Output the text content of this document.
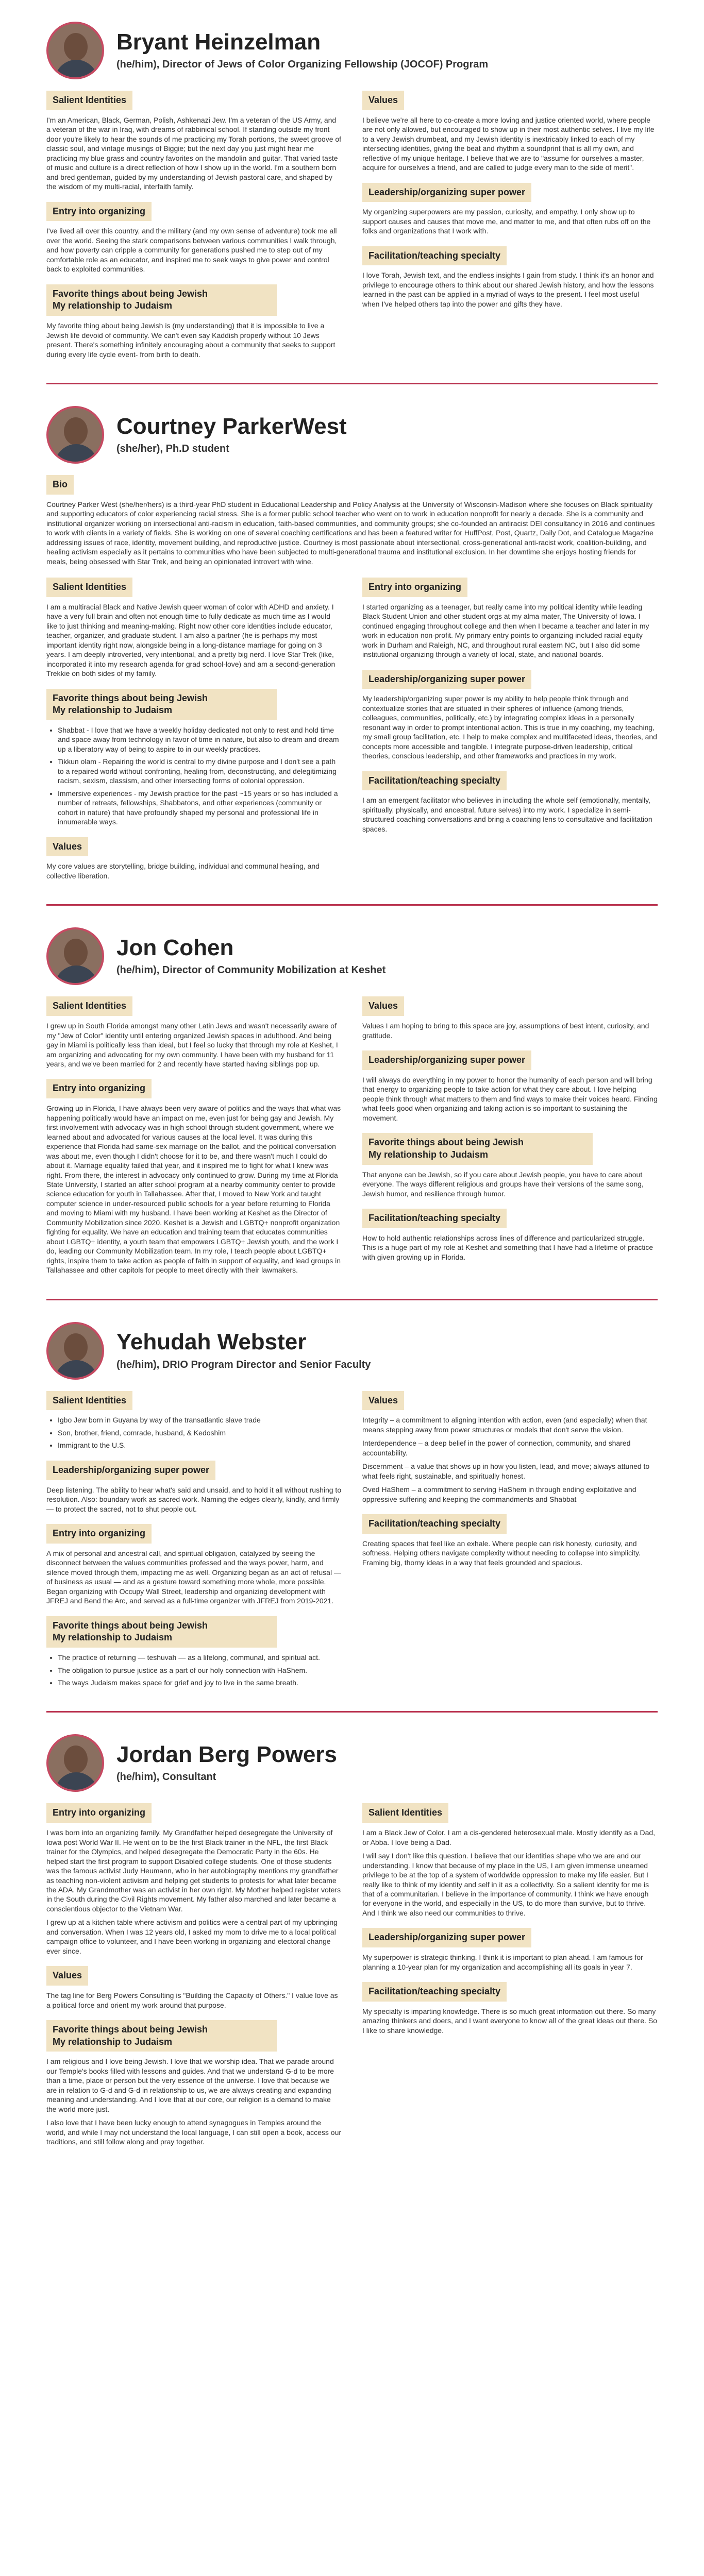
Bryant Heinzelman
(he/him), Director of Jews of Color Organizing Fellowship (JOCOF) Program
Salient Identities

I'm an American, Black, German, Polish, Ashkenazi Jew. I'm a veteran of the US Army, and a veteran of the war in Iraq, with dreams of rabbinical school. If standing outside my front door you're likely to hear the sounds of me practicing my Torah portions, the sweet groove of classic soul, and vintage musings of Biggie; but the next day you just might hear me practicing my blue grass and country favorites on the mandolin and guitar. That varied taste of music and culture is a direct reflection of how I show up in the world. I'm a southern born and bred gentleman, guided by my understanding of Jewish pastoral care, and shaped by the wisdom of my multi-racial, interfaith family.

Entry into organizing

I've lived all over this country, and the military (and my own sense of adventure) took me all over the world. Seeing the stark comparisons between various communities I walk through, and how poverty can cripple a community for generations pushed me to step out of my comfortable role as an educator, and inspired me to seek ways to give power and control back to exploited communities.

Favorite things about being Jewish
My relationship to Judaism

My favorite thing about being Jewish is (my understanding) that it is impossible to live a Jewish life devoid of community. We can't even say Kaddish properly without 10 Jews present. There's something infinitely encouraging about a community that seeks to support during every life cycle event- from birth to death.

Values

I believe we're all here to co-create a more loving and justice oriented world, where people are not only allowed, but encouraged to show up in their most authentic selves. I live my life to a very Jewish drumbeat, and my Jewish identity is inextricably linked to each of my intersecting identities, giving the beat and rhythm a soundprint that is all my own, and reflective of my unique heritage. I believe that we are to "assume for ourselves a master, acquire for ourselves a friend, and are called to judge every man to the side of merit".

Leadership/organizing super power

My organizing superpowers are my passion, curiosity, and empathy. I only show up to support causes and causes that move me, and matter to me, and that often rubs off on the folks and organizations that I work with.

Facilitation/teaching specialty

I love Torah, Jewish text, and the endless insights I gain from study. I think it's an honor and privilege to encourage others to think about our shared Jewish history, and how the lessons learned in the past can be applied in a myriad of ways to the present. I feel most useful when I've helped others tap into the power and gifts they have.

Courtney ParkerWest
(she/her), Ph.D student
Bio

Courtney Parker West (she/her/hers) is a third-year PhD student in Educational Leadership and Policy Analysis at the University of Wisconsin-Madison where she focuses on Black spirituality and supporting educators of color experiencing racial stress. She is a former public school teacher who went on to work in education nonprofit for nearly a decade. She is a community and institutional organizer working on intersectional anti-racism in education, faith-based communities, and community groups; she co-founded an antiracist DEI consultancy in 2016 and continues to work with clients in a variety of fields. She is working on one of several coaching certifications and has been a featured writer for HuffPost, Post, Quartz, Daily Dot, and Catalogue Magazine addressing issues of race, identity, movement building, and reproductive justice. Courtney is most passionate about intersectional, cross-generational anti-racist work, coalition-building, and healing activism especially as it pertains to communities who have been subjected to multi-generational trauma and institutional exclusion. In her downtime she enjoys hosting friends for meals, being obsessed with Star Trek, and being an opinionated introvert with wine.

Salient Identities

I am a multiracial Black and Native Jewish queer woman of color with ADHD and anxiety. I have a very full brain and often not enough time to fully dedicate as much time as I would like to just thinking and meaning-making. Right now other core identities include educator, teacher, organizer, and graduate student. I am also a partner (he is perhaps my most important identity right now, alongside being in a long-distance marriage for going on 3 years. I am deeply introverted, very intentional, and a pretty big nerd. I love Star Trek (like, incorporated it into my research agenda for grad school-love) and am a second-generation Trekkie on both sides of my family.

Favorite things about being Jewish
My relationship to Judaism
• Shabbat - I love that we have a weekly holiday dedicated not only to rest and hold time and space away from technology in favor of time in nature, but also to dream and dream up a liberatory way of being to aspire to in our weekly practices.
• Tikkun olam - Repairing the world is central to my divine purpose and I don't see a path to a repaired world without confronting, healing from, deconstructing, and delegitimizing racism, sexism, classism, and other intersecting forms of colonial oppression.
• Immersive experiences - my Jewish practice for the past ~15 years or so has included a number of retreats, fellowships, Shabbatons, and other experiences (community or cohort in nature) that have profoundly shaped my personal and professional life in innumerable ways.
Values

My core values are storytelling, bridge building, individual and communal healing, and collective liberation.

Entry into organizing

I started organizing as a teenager, but really came into my political identity while leading Black Student Union and other student orgs at my alma mater, The University of Iowa. I continued engaging throughout college and then when I became a teacher and later in my work in education non-profit. My primary entry points to organizing included racial equity work in Durham and Raleigh, NC, and throughout rural eastern NC, but I also did some institutional organizing through a variety of local, state, and national boards.

Leadership/organizing super power

My leadership/organizing super power is my ability to help people think through and contextualize stories that are situated in their spheres of influence (among friends, colleagues, communities, politically, etc.) by integrating complex ideas in a personally resonant way in order to prompt intentional action. This is true in my coaching, my teaching, my small group facilitation, etc. I help to make complex and multifaceted ideas, theories, and concepts more accessible and tangible. I integrate purpose-driven leadership, critical theories, conscious leadership, and other frameworks and practices in my work.

Facilitation/teaching specialty

I am an emergent facilitator who believes in including the whole self (emotionally, mentally, spiritually, physically, and ancestral, future selves) into my work. I specialize in semi-structured coaching conversations and bring a coaching lens to consultative and facilitation spaces.

Jon Cohen
(he/him), Director of Community Mobilization at Keshet
Salient Identities

I grew up in South Florida amongst many other Latin Jews and wasn't necessarily aware of my "Jew of Color" identity until entering organized Jewish spaces in adulthood. And being gay in Miami is politically less than ideal, but I feel so lucky that through my role at Keshet, I am organizing and advocating for my own community. I have been with my husband for 11 years, and we've been married for 2 and recently have started having siblings pop up.

Entry into organizing

Growing up in Florida, I have always been very aware of politics and the ways that what was happening politically would have an impact on me, even just for being gay and Jewish. My first involvement with advocacy was in high school through student government, where we learned about and advocated for various causes at the local level. It was during this experience that Florida had same-sex marriage on the ballot, and the political conversation was about me, even though I didn't choose for it to be, and there wasn't much I could do about it. Marriage equality failed that year, and it inspired me to fight for what I knew was right. From there, the interest in advocacy only continued to grow. During my time at Florida State University, I started an after school program at a nearby community center to provide science education for youth in Tallahassee. After that, I moved to New York and taught computer science in under-resourced public schools for a year before returning to Florida and moving to Miami with my husband. I have been working at Keshet as the Director of Community Mobilization since 2020. Keshet is a Jewish and LGBTQ+ nonprofit organization fighting for equality. We have an education and training team that educates communities about LGBTQ+ identity, a youth team that empowers LGBTQ+ Jewish youth, and the work I do, leading our Community Mobilization team. In my role, I teach people about LGBTQ+ rights, inspire them to take action as people of faith in support of equality, and lead groups in Tallahassee and other capitols for people to meet directly with their lawmakers.

Values

Values I am hoping to bring to this space are joy, assumptions of best intent, curiosity, and gratitude.

Leadership/organizing super power

I will always do everything in my power to honor the humanity of each person and will bring that energy to organizing people to take action for what they care about. I love helping people think through what matters to them and find ways to make their voices heard. Finding what feels good when organizing and taking action is so important to sustaining the movement.

Favorite things about being Jewish
My relationship to Judaism

That anyone can be Jewish, so if you care about Jewish people, you have to care about everyone. The ways different religious and groups have their versions of the same song, Jewish humor, and resilience through humor.

Facilitation/teaching specialty

How to hold authentic relationships across lines of difference and particularized struggle. This is a huge part of my role at Keshet and something that I have had a lifetime of practice with given growing up in Florida.

Yehudah Webster
(he/him), DRIO Program Director and Senior Faculty
Salient Identities
• Igbo Jew born in Guyana by way of the transatlantic slave trade
• Son, brother, friend, comrade, husband, & Kedoshim
• Immigrant to the U.S.
Leadership/organizing super power

Deep listening. The ability to hear what's said and unsaid, and to hold it all without rushing to resolution. Also: boundary work as sacred work. Naming the edges clearly, kindly, and firmly — to protect the sacred, not to shut people out.

Entry into organizing

A mix of personal and ancestral call, and spiritual obligation, catalyzed by seeing the disconnect between the values communities professed and the ways power, harm, and silence moved through them, impacting me as well. Organizing began as an act of refusal — of business as usual — and as a gesture toward something more whole, more possible. Began organizing with Occupy Wall Street, leadership and organizing development with JFREJ and Bend the Arc, and served as a full-time organizer with JFREJ from 2019-2021.

Favorite things about being Jewish
My relationship to Judaism
• The practice of returning — teshuvah — as a lifelong, communal, and spiritual act.
• The obligation to pursue justice as a part of our holy connection with HaShem.
• The ways Judaism makes space for grief and joy to live in the same breath.
Values

Integrity – a commitment to aligning intention with action, even (and especially) when that means stepping away from power structures or models that don't serve the vision.

Interdependence – a deep belief in the power of connection, community, and shared accountability.

Discernment – a value that shows up in how you listen, lead, and move; always attuned to what feels right, sustainable, and spiritually honest.

Oved HaShem – a commitment to serving HaShem in through ending exploitative and oppressive suffering and keeping the commandments and Shabbat

Facilitation/teaching specialty

Creating spaces that feel like an exhale. Where people can risk honesty, curiosity, and softness. Helping others navigate complexity without needing to collapse into simplicity. Framing big, thorny ideas in a way that feels grounded and spacious.

Jordan Berg Powers
(he/him), Consultant
Entry into organizing

I was born into an organizing family. My Grandfather helped desegregate the University of Iowa post World War II. He went on to be the first Black trainer in the NFL, the first Black trainer for the Olympics, and helped desegregate the Democratic Party in the 60s. He helped start the first program to support Disabled college students. One of those students was the famous activist Judy Heumann, who in her autobiography mentions my grandfather as teaching non-violent activism and helping get students to protests for what later became the ADA. My Grandmother was an activist in her own right. My Mother helped register voters in the South during the Civil Rights movement. My father also marched and later became a conscientious objector to the Vietnam War.

I grew up at a kitchen table where activism and politics were a central part of my upbringing and conversation. When I was 12 years old, I asked my mom to drive me to a local political campaign office to volunteer, and I have been working in organizing and electoral change ever since.

Values

The tag line for Berg Powers Consulting is "Building the Capacity of Others." I value love as a political force and orient my work around that purpose.

Favorite things about being Jewish
My relationship to Judaism

I am religious and I love being Jewish. I love that we worship idea. That we parade around our Temple's books filled with lessons and guides. And that we understand G-d to be more than a time, place or person but the very essence of the universe. I love that because we are in relation to G-d and G-d in relationship to us, we are always creating and expanding meaning and understanding. And I love that at our core, our religion is a demand to make the world more just.

I also love that I have been lucky enough to attend synagogues in Temples around the world, and while I may not understand the local language, I can still open a book, access our traditions, and still follow along and pray together.

Salient Identities

I am a Black Jew of Color. I am a cis-gendered heterosexual male. Mostly identify as a Dad, or Abba. I love being a Dad.

I will say I don't like this question. I believe that our identities shape who we are and our understanding. I know that because of my place in the US, I am given immense unearned privilege to be at the top of a system of worldwide oppression to make my life easier. But I really like to think of my identity and self in it as a collectivity. So a salient identity for me is that of a communitarian. I believe in the importance of community. I think we have enough for everyone in the world, and especially in the US, to do more than survive, but to thrive. And I think we also need our communities to thrive.

Leadership/organizing super power

My superpower is strategic thinking. I think it is important to plan ahead. I am famous for planning a 10-year plan for my organization and accomplishing all its goals in year 7.

Facilitation/teaching specialty

My specialty is imparting knowledge. There is so much great information out there. So many amazing thinkers and doers, and I want everyone to know all of the great ideas out there. So I like to share knowledge.
